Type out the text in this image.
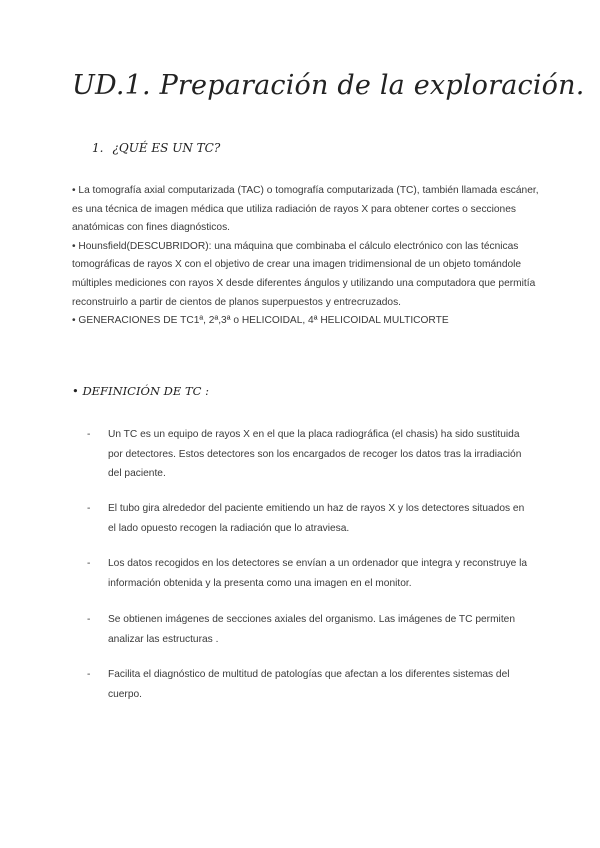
UD.1. Preparación de la exploración.
1. ¿QUÉ ES UN TC?

• La tomografía axial computarizada (TAC) o tomografía computarizada (TC), también llamada escáner, es una técnica de imagen médica que utiliza radiación de rayos X para obtener cortes o secciones anatómicas con fines diagnósticos.

• Hounsfield(DESCUBRIDOR): una máquina que combinaba el cálculo electrónico con las técnicas tomográficas de rayos X con el objetivo de crear una imagen tridimensional de un objeto tomándole múltiples mediciones con rayos X desde diferentes ángulos y utilizando una computadora que permitía reconstruirlo a partir de cientos de planos superpuestos y entrecruzados.

• GENERACIONES DE TC1ª, 2ª,3ª o HELICOIDAL, 4ª HELICOIDAL MULTICORTE

• DEFINICIÓN DE TC :
-	Un TC es un equipo de rayos X en el que la placa radiográfica (el chasis) ha sido sustituida por detectores. Estos detectores son los encargados de recoger los datos tras la irradiación del paciente.
-	El tubo gira alrededor del paciente emitiendo un haz de rayos X y los detectores situados en el lado opuesto recogen la radiación que lo atraviesa.
-	Los datos recogidos en los detectores se envían a un ordenador que integra y reconstruye la información obtenida y la presenta como una imagen en el monitor.
-	Se obtienen imágenes de secciones axiales del organismo. Las imágenes de TC permiten analizar las estructuras .
-	Facilita el diagnóstico de multitud de patologías que afectan a los diferentes sistemas del cuerpo.
